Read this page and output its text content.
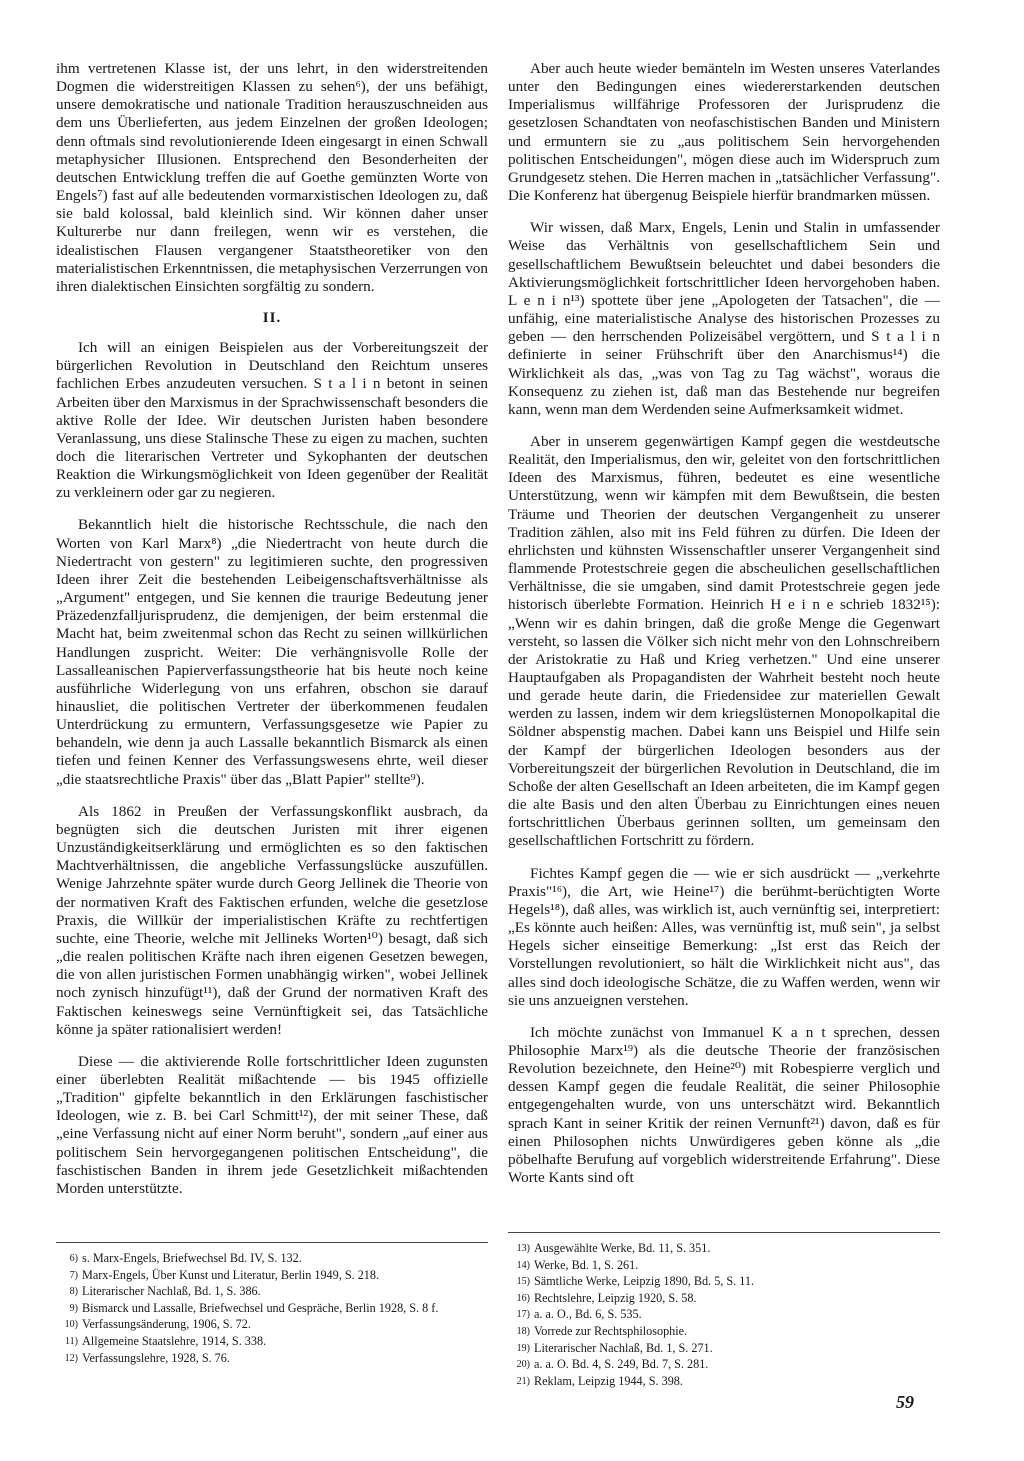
ihm vertretenen Klasse ist, der uns lehrt, in den widerstreitenden Dogmen die widerstreitigen Klassen zu sehen⁶), der uns befähigt, unsere demokratische und nationale Tradition herauszuschneiden aus dem uns Überlieferten, aus jedem Einzelnen der großen Ideologen; denn oftmals sind revolutionierende Ideen eingesargt in einen Schwall metaphysicher Illusionen. Entsprechend den Besonderheiten der deutschen Entwicklung treffen die auf Goethe gemünzten Worte von Engels⁷) fast auf alle bedeutenden vormarxistischen Ideologen zu, daß sie bald kolossal, bald kleinlich sind. Wir können daher unser Kulturerbe nur dann freilegen, wenn wir es verstehen, die idealistischen Flausen vergangener Staatstheoretiker von den materialistischen Erkenntnissen, die metaphysischen Verzerrungen von ihren dialektischen Einsichten sorgfältig zu sondern.

II.

Ich will an einigen Beispielen aus der Vorbereitungszeit der bürgerlichen Revolution in Deutschland den Reichtum unseres fachlichen Erbes anzudeuten versuchen. S t a l i n betont in seinen Arbeiten über den Marxismus in der Sprachwissenschaft besonders die aktive Rolle der Idee. Wir deutschen Juristen haben besondere Veranlassung, uns diese Stalinsche These zu eigen zu machen, suchten doch die literarischen Vertreter und Sykophanten der deutschen Reaktion die Wirkungsmöglichkeit von Ideen gegenüber der Realität zu verkleinern oder gar zu negieren.

Bekanntlich hielt die historische Rechtsschule, die nach den Worten von Karl Marx⁸) „die Niedertracht von heute durch die Niedertracht von gestern" zu legitimieren suchte, den progressiven Ideen ihrer Zeit die bestehenden Leibeigenschaftsverhältnisse als „Argument" entgegen, und Sie kennen die traurige Bedeutung jener Präzedenzfalljurisprudenz, die demjenigen, der beim erstenmal die Macht hat, beim zweitenmal schon das Recht zu seinen willkürlichen Handlungen zuspricht. Weiter: Die verhängnisvolle Rolle der Lassalleanischen Papierverfassungstheorie hat bis heute noch keine ausführliche Widerlegung von uns erfahren, obschon sie darauf hinausliet, die politischen Vertreter der überkommenen feudalen Unterdrückung zu ermuntern, Verfassungsgesetze wie Papier zu behandeln, wie denn ja auch Lassalle bekanntlich Bismarck als einen tiefen und feinen Kenner des Verfassungswesens ehrte, weil dieser „die staatsrechtliche Praxis" über das „Blatt Papier" stellte⁹).

Als 1862 in Preußen der Verfassungskonflikt ausbrach, da begnügten sich die deutschen Juristen mit ihrer eigenen Unzuständigkeitserklärung und ermöglichten es so den faktischen Machtverhältnissen, die angebliche Verfassungslücke auszufüllen. Wenige Jahrzehnte später wurde durch Georg Jellinek die Theorie von der normativen Kraft des Faktischen erfunden, welche die gesetzlose Praxis, die Willkür der imperialistischen Kräfte zu rechtfertigen suchte, eine Theorie, welche mit Jellineks Worten¹⁰) besagt, daß sich „die realen politischen Kräfte nach ihren eigenen Gesetzen bewegen, die von allen juristischen Formen unabhängig wirken", wobei Jellinek noch zynisch hinzufügt¹¹), daß der Grund der normativen Kraft des Faktischen keineswegs seine Vernünftigkeit sei, das Tatsächliche könne ja später rationalisiert werden!

Diese — die aktivierende Rolle fortschrittlicher Ideen zugunsten einer überlebten Realität mißachtende — bis 1945 offizielle „Tradition" gipfelte bekanntlich in den Erklärungen faschistischer Ideologen, wie z. B. bei Carl Schmitt¹²), der mit seiner These, daß „eine Verfassung nicht auf einer Norm beruht", sondern „auf einer aus politischem Sein hervorgegangenen politischen Entscheidung", die faschistischen Banden in ihrem jede Gesetzlichkeit mißachtenden Morden unterstützte.

Aber auch heute wieder bemänteln im Westen unseres Vaterlandes unter den Bedingungen eines wiedererstarkenden deutschen Imperialismus willfährige Professoren der Jurisprudenz die gesetzlosen Schandtaten von neofaschistischen Banden und Ministern und ermuntern sie zu „aus politischem Sein hervorgehenden politischen Entscheidungen", mögen diese auch im Widerspruch zum Grundgesetz stehen. Die Herren machen in „tatsächlicher Verfassung". Die Konferenz hat übergenug Beispiele hierfür brandmarken müssen.

Wir wissen, daß Marx, Engels, Lenin und Stalin in umfassender Weise das Verhältnis von gesellschaftlichem Sein und gesellschaftlichem Bewußtsein beleuchtet und dabei besonders die Aktivierungsmöglichkeit fortschrittlicher Ideen hervorgehoben haben. L e n i n¹³) spottete über jene „Apologeten der Tatsachen", die — unfähig, eine materialistische Analyse des historischen Prozesses zu geben — den herrschenden Polizeisäbel vergöttern, und S t a l i n definierte in seiner Frühschrift über den Anarchismus¹⁴) die Wirklichkeit als das, „was von Tag zu Tag wächst", woraus die Konsequenz zu ziehen ist, daß man das Bestehende nur begreifen kann, wenn man dem Werdenden seine Aufmerksamkeit widmet.

Aber in unserem gegenwärtigen Kampf gegen die westdeutsche Realität, den Imperialismus, den wir, geleitet von den fortschrittlichen Ideen des Marxismus, führen, bedeutet es eine wesentliche Unterstützung, wenn wir kämpfen mit dem Bewußtsein, die besten Träume und Theorien der deutschen Vergangenheit zu unserer Tradition zählen, also mit ins Feld führen zu dürfen. Die Ideen der ehrlichsten und kühnsten Wissenschaftler unserer Vergangenheit sind flammende Protestschreie gegen die abscheulichen gesellschaftlichen Verhältnisse, die sie umgaben, sind damit Protestschreie gegen jede historisch überlebte Formation. Heinrich H e i n e schrieb 1832¹⁵): „Wenn wir es dahin bringen, daß die große Menge die Gegenwart versteht, so lassen die Völker sich nicht mehr von den Lohnschreibern der Aristokratie zu Haß und Krieg verhetzen." Und eine unserer Hauptaufgaben als Propagandisten der Wahrheit besteht noch heute und gerade heute darin, die Friedensidee zur materiellen Gewalt werden zu lassen, indem wir dem kriegslüsternen Monopolkapital die Söldner abspenstig machen. Dabei kann uns Beispiel und Hilfe sein der Kampf der bürgerlichen Ideologen besonders aus der Vorbereitungszeit der bürgerlichen Revolution in Deutschland, die im Schoße der alten Gesellschaft an Ideen arbeiteten, die im Kampf gegen die alte Basis und den alten Überbau zu Einrichtungen eines neuen fortschrittlichen Überbaus gerinnen sollten, um gemeinsam den gesellschaftlichen Fortschritt zu fördern.

Fichtes Kampf gegen die — wie er sich ausdrückt — „verkehrte Praxis"¹⁶), die Art, wie Heine¹⁷) die berühmt-berüchtigten Worte Hegels¹⁸), daß alles, was wirklich ist, auch vernünftig sei, interpretiert: „Es könnte auch heißen: Alles, was vernünftig ist, muß sein", ja selbst Hegels sicher einseitige Bemerkung: „Ist erst das Reich der Vorstellungen revolutioniert, so hält die Wirklichkeit nicht aus", das alles sind doch ideologische Schätze, die zu Waffen werden, wenn wir sie uns anzueignen verstehen.

Ich möchte zunächst von Immanuel K a n t sprechen, dessen Philosophie Marx¹⁹) als die deutsche Theorie der französischen Revolution bezeichnete, den Heine²⁰) mit Robespierre verglich und dessen Kampf gegen die feudale Realität, die seiner Philosophie entgegengehalten wurde, von uns unterschätzt wird. Bekanntlich sprach Kant in seiner Kritik der reinen Vernunft²¹) davon, daß es für einen Philosophen nichts Unwürdigeres geben könne als „die pöbelhafte Berufung auf vorgeblich widerstreitende Erfahrung". Diese Worte Kants sind oft

6) s. Marx-Engels, Briefwechsel Bd. IV, S. 132.
7) Marx-Engels, Über Kunst und Literatur, Berlin 1949, S. 218.
8) Literarischer Nachlaß, Bd. 1, S. 386.
9) Bismarck und Lassalle, Briefwechsel und Gespräche, Berlin 1928, S. 8 f.
10) Verfassungsänderung, 1906, S. 72.
11) Allgemeine Staatslehre, 1914, S. 338.
12) Verfassungslehre, 1928, S. 76.
13) Ausgewählte Werke, Bd. 11, S. 351.
14) Werke, Bd. 1, S. 261.
15) Sämtliche Werke, Leipzig 1890, Bd. 5, S. 11.
16) Rechtslehre, Leipzig 1920, S. 58.
17) a. a. O., Bd. 6, S. 535.
18) Vorrede zur Rechtsphilosophie.
19) Literarischer Nachlaß, Bd. 1, S. 271.
20) a. a. O. Bd. 4, S. 249, Bd. 7, S. 281.
21) Reklam, Leipzig 1944, S. 398.
59
